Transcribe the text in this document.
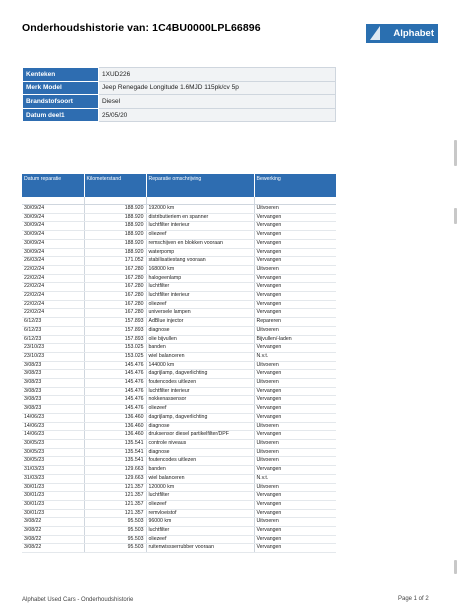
Onderhoudshistorie van: 1C4BU0000LPL66896	Alphabet
Kenteken	1XUD226
Merk Model	Jeep Renegade Longitude 1.6MJD 115pk/cv 5p
Brandstofsoort	Diesel
Datum deel1	25/05/20
Datum reparatie	Kilometerstand	Reparatie omschrijving	Bewerking

30/09/24	188.920	192000 km	Uitvoeren
30/09/24	188.920	distributieriem en spanner	Vervangen
30/09/24	188.920	luchtfilter interieur	Vervangen
30/09/24	188.920	oliezeef	Vervangen
30/09/24	188.920	remschijven en blokken vooraan	Vervangen
30/09/24	188.920	waterpomp	Vervangen
26/03/24	171.052	stabilisatiestang vooraan	Vervangen
22/02/24	167.280	168000 km	Uitvoeren
22/02/24	167.280	halogeenlamp	Vervangen
22/02/24	167.280	luchtfilter	Vervangen
22/02/24	167.280	luchtfilter interieur	Vervangen
22/02/24	167.280	oliezeef	Vervangen
22/02/24	167.280	universele lampen	Vervangen
6/12/23	157.893	AdBlue injector	Repareren
6/12/23	157.893	diagnose	Uitvoeren
6/12/23	157.893	olie bijvullen	Bijvullen/-laden
23/10/23	153.025	banden	Vervangen
23/10/23	153.025	wiel balanceren	N.v.t.
3/08/23	145.476	144000 km	Uitvoeren
3/08/23	145.476	dagrijlamp, dagverlichting	Vervangen
3/08/23	145.476	foutencodes uitlezen	Uitvoeren
3/08/23	145.476	luchtfilter interieur	Vervangen
3/08/23	145.476	nokkenassensor	Vervangen
3/08/23	145.476	oliezeef	Vervangen
14/06/23	136.460	dagrijlamp, dagverlichting	Vervangen
14/06/23	136.460	diagnose	Uitvoeren
14/06/23	136.460	druksensor diesel partikelfilter/DPF	Vervangen
30/05/23	135.541	controle niveaus	Uitvoeren
30/05/23	135.541	diagnose	Uitvoeren
30/05/23	135.541	foutencodes uitlezen	Uitvoeren
31/03/23	129.663	banden	Vervangen
31/03/23	129.663	wiel balanceren	N.v.t.
30/01/23	121.357	120000 km	Uitvoeren
30/01/23	121.357	luchtfilter	Vervangen
30/01/23	121.357	oliezeef	Vervangen
30/01/23	121.357	remvloeistof	Vervangen
3/08/22	95.503	96000 km	Uitvoeren
3/08/22	95.503	luchtfilter	Vervangen
3/08/22	95.503	oliezeef	Vervangen
3/08/22	95.503	ruitenwissserrubber vooraan	Vervangen
Alphabet Used Cars - Onderhoudshistorie	Page 1 of 2
